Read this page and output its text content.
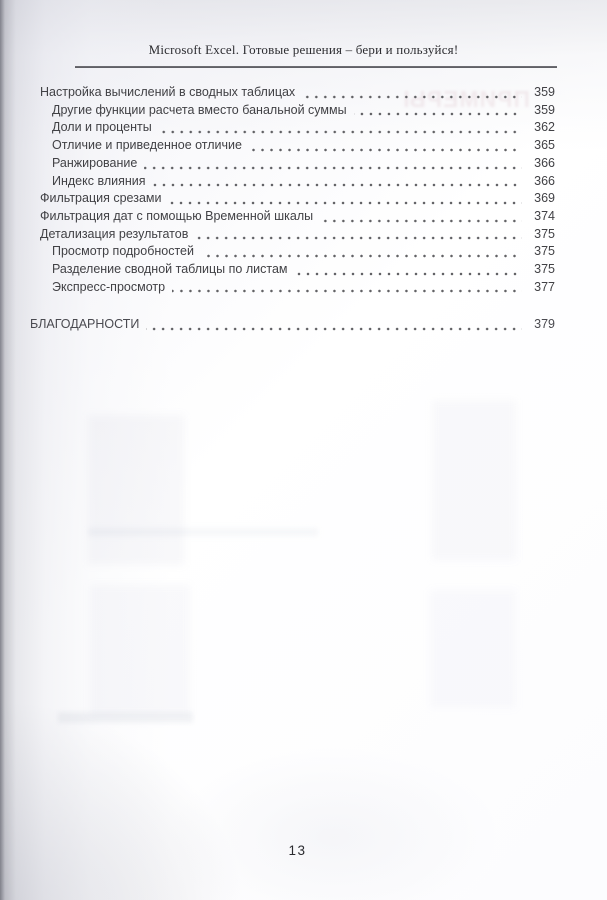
ПРИМЕРЫ
Microsoft Excel. Готовые решения – бери и пользуйся!
Настройка вычислений в сводных таблицах	359
Другие функции расчета вместо банальной суммы	359
Доли и проценты	362
Отличие и приведенное отличие	365
Ранжирование	366
Индекс влияния	366
Фильтрация срезами	369
Фильтрация дат с помощью Временной шкалы	374
Детализация результатов	375
Просмотр подробностей	375
Разделение сводной таблицы по листам	375
Экспресс-просмотр	377
БЛАГОДАРНОСТИ	379
13
